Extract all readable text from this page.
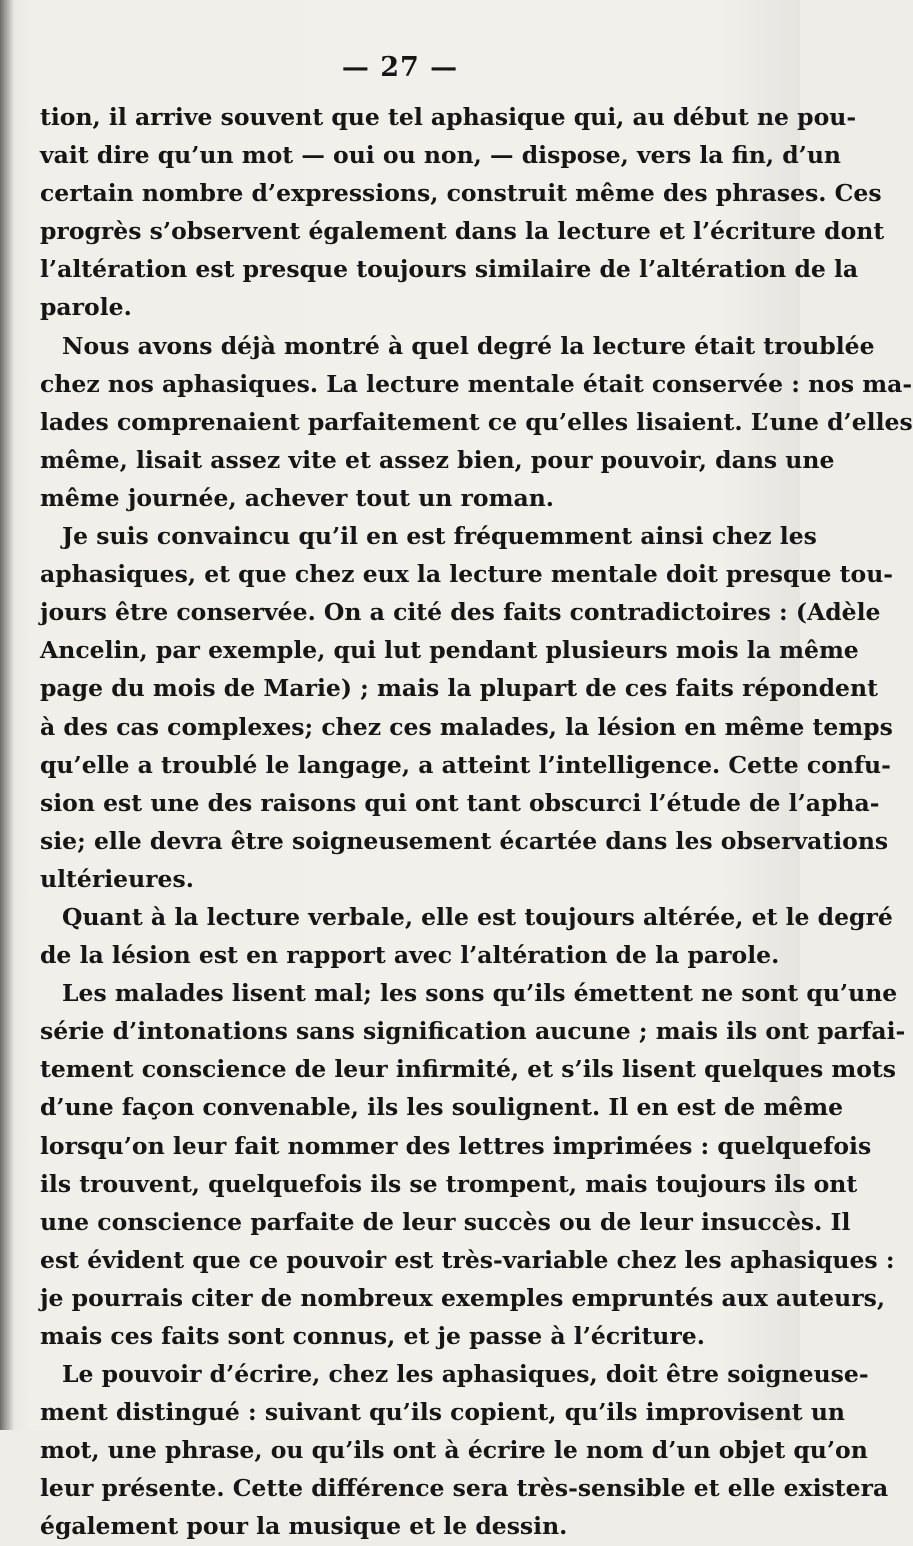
— 27 —
tion, il arrive souvent que tel aphasique qui, au début ne pou-
vait dire qu’un mot — oui ou non, — dispose, vers la fin, d’un
certain nombre d’expressions, construit même des phrases. Ces
progrès s’observent également dans la lecture et l’écriture dont
l’altération est presque toujours similaire de l’altération de la
parole.
Nous avons déjà montré à quel degré la lecture était troublée
chez nos aphasiques. La lecture mentale était conservée : nos ma-
lades comprenaient parfaitement ce qu’elles lisaient. L’une d’elles
même, lisait assez vite et assez bien, pour pouvoir, dans une
même journée, achever tout un roman.
Je suis convaincu qu’il en est fréquemment ainsi chez les
aphasiques, et que chez eux la lecture mentale doit presque tou-
jours être conservée. On a cité des faits contradictoires : (Adèle
Ancelin, par exemple, qui lut pendant plusieurs mois la même
page du mois de Marie) ; mais la plupart de ces faits répondent
à des cas complexes; chez ces malades, la lésion en même temps
qu’elle a troublé le langage, a atteint l’intelligence. Cette confu-
sion est une des raisons qui ont tant obscurci l’étude de l’apha-
sie; elle devra être soigneusement écartée dans les observations
ultérieures.
Quant à la lecture verbale, elle est toujours altérée, et le degré
de la lésion est en rapport avec l’altération de la parole.
Les malades lisent mal; les sons qu’ils émettent ne sont qu’une
série d’intonations sans signification aucune ; mais ils ont parfai-
tement conscience de leur infirmité, et s’ils lisent quelques mots
d’une façon convenable, ils les soulignent. Il en est de même
lorsqu’on leur fait nommer des lettres imprimées : quelquefois
ils trouvent, quelquefois ils se trompent, mais toujours ils ont
une conscience parfaite de leur succès ou de leur insuccès. Il
est évident que ce pouvoir est très-variable chez les aphasiques :
je pourrais citer de nombreux exemples empruntés aux auteurs,
mais ces faits sont connus, et je passe à l’écriture.
Le pouvoir d’écrire, chez les aphasiques, doit être soigneuse-
ment distingué : suivant qu’ils copient, qu’ils improvisent un
mot, une phrase, ou qu’ils ont à écrire le nom d’un objet qu’on
leur présente. Cette différence sera très-sensible et elle existera
également pour la musique et le dessin.
